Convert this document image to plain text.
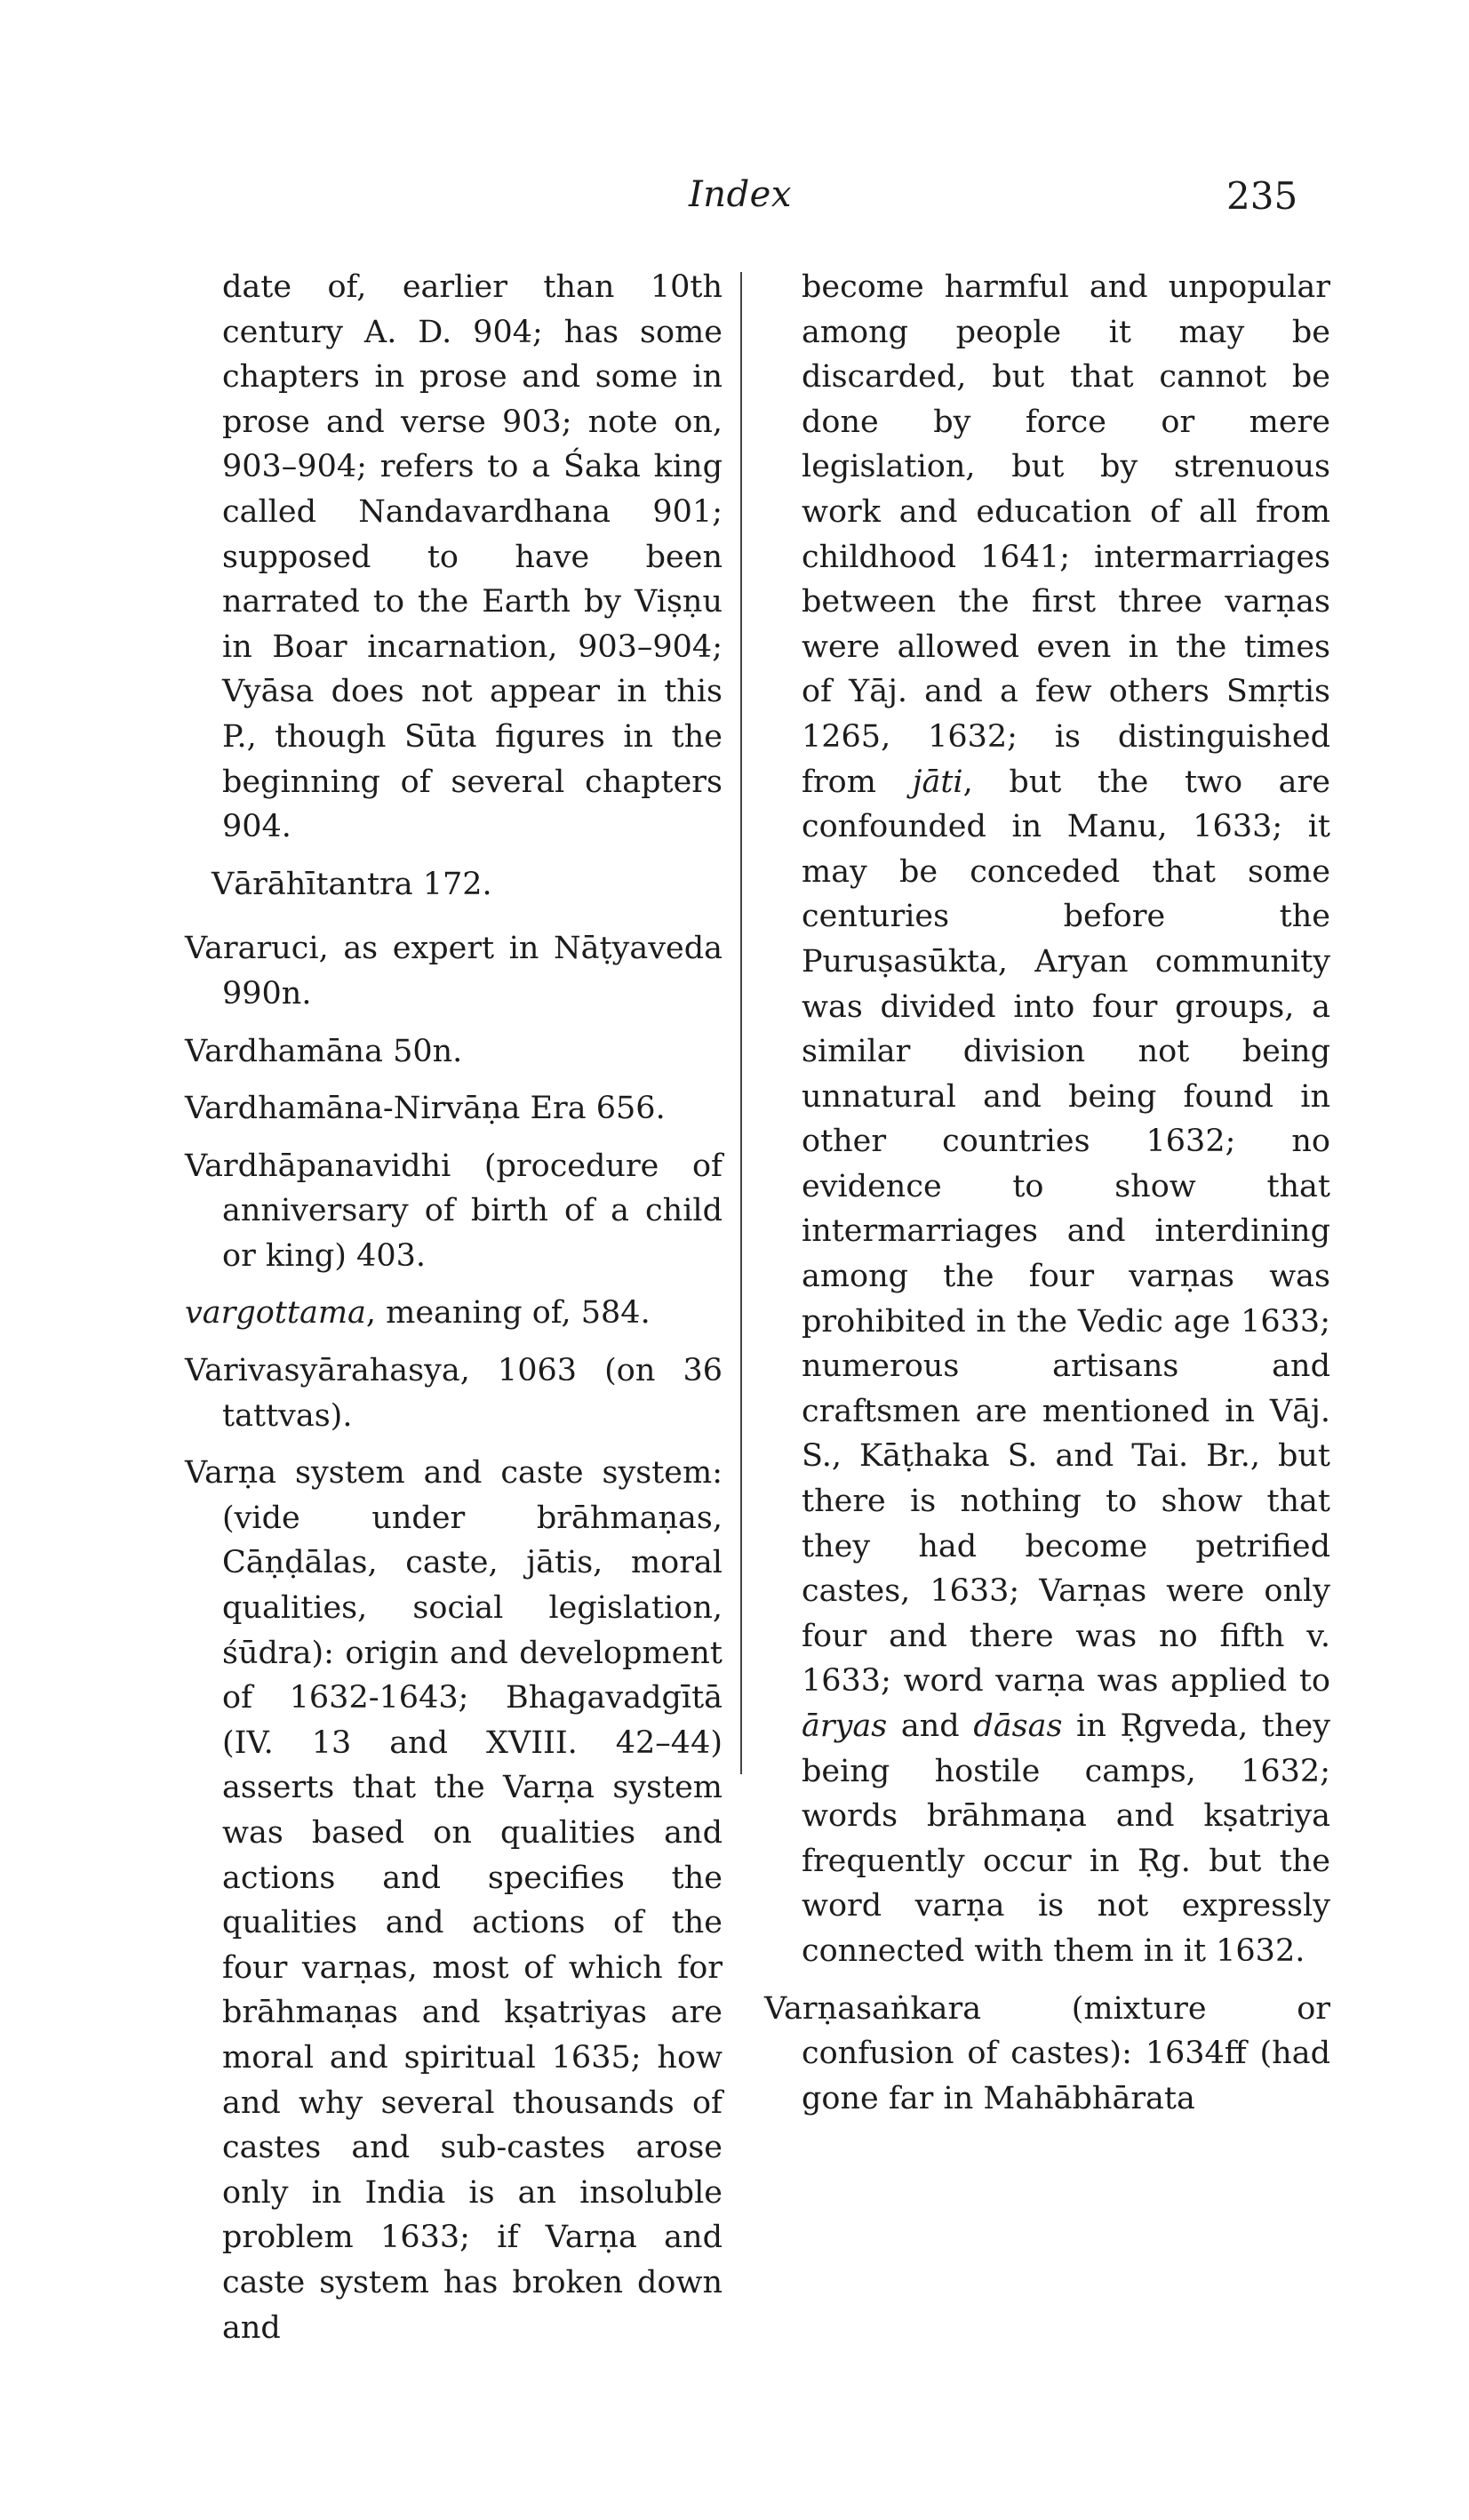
Index	235

date of, earlier than 10th century A. D. 904; has some chapters in prose and some in prose and verse 903; note on, 903–904; refers to a Śaka king called Nandavardhana 901; supposed to have been narrated to the Earth by Viṣṇu in Boar incarnation, 903–904; Vyāsa does not appear in this P., though Sūta figures in the beginning of several chapters 904.

Vārāhītantra 172.

Vararuci, as expert in Nāṭyaveda 990n.

Vardhamāna 50n.

Vardhamāna-Nirvāṇa Era 656.

Vardhāpanavidhi (procedure of anniversary of birth of a child or king) 403.

vargottama, meaning of, 584.

Varivasyārahasya, 1063 (on 36 tattvas).

Varṇa system and caste system: (vide under brāhmaṇas, Cāṇḍālas, caste, jātis, moral qualities, social legislation, śūdra): origin and development of 1632-1643; Bhagavadgītā (IV. 13 and XVIII. 42–44) asserts that the Varṇa system was based on qualities and actions and specifies the qualities and actions of the four varṇas, most of which for brāhmaṇas and kṣatriyas are moral and spiritual 1635; how and why several thousands of castes and sub-castes arose only in India is an insoluble problem 1633; if Varṇa and caste system has broken down and

become harmful and unpopular among people it may be discarded, but that cannot be done by force or mere legislation, but by strenuous work and education of all from childhood 1641; intermarriages between the first three varṇas were allowed even in the times of Yāj. and a few others Smṛtis 1265, 1632; is distinguished from jāti, but the two are confounded in Manu, 1633; it may be conceded that some centuries before the Puruṣasūkta, Aryan community was divided into four groups, a similar division not being unnatural and being found in other countries 1632; no evidence to show that intermarriages and interdining among the four varṇas was prohibited in the Vedic age 1633; numerous artisans and craftsmen are mentioned in Vāj. S., Kāṭhaka S. and Tai. Br., but there is nothing to show that they had become petrified castes, 1633; Varṇas were only four and there was no fifth v. 1633; word varṇa was applied to āryas and dāsas in Ṛgveda, they being hostile camps, 1632; words brāhmaṇa and kṣatriya frequently occur in Ṛg. but the word varṇa is not expressly connected with them in it 1632.

Varṇasaṅkara (mixture or confusion of castes): 1634ff (had gone far in Mahābhārata
